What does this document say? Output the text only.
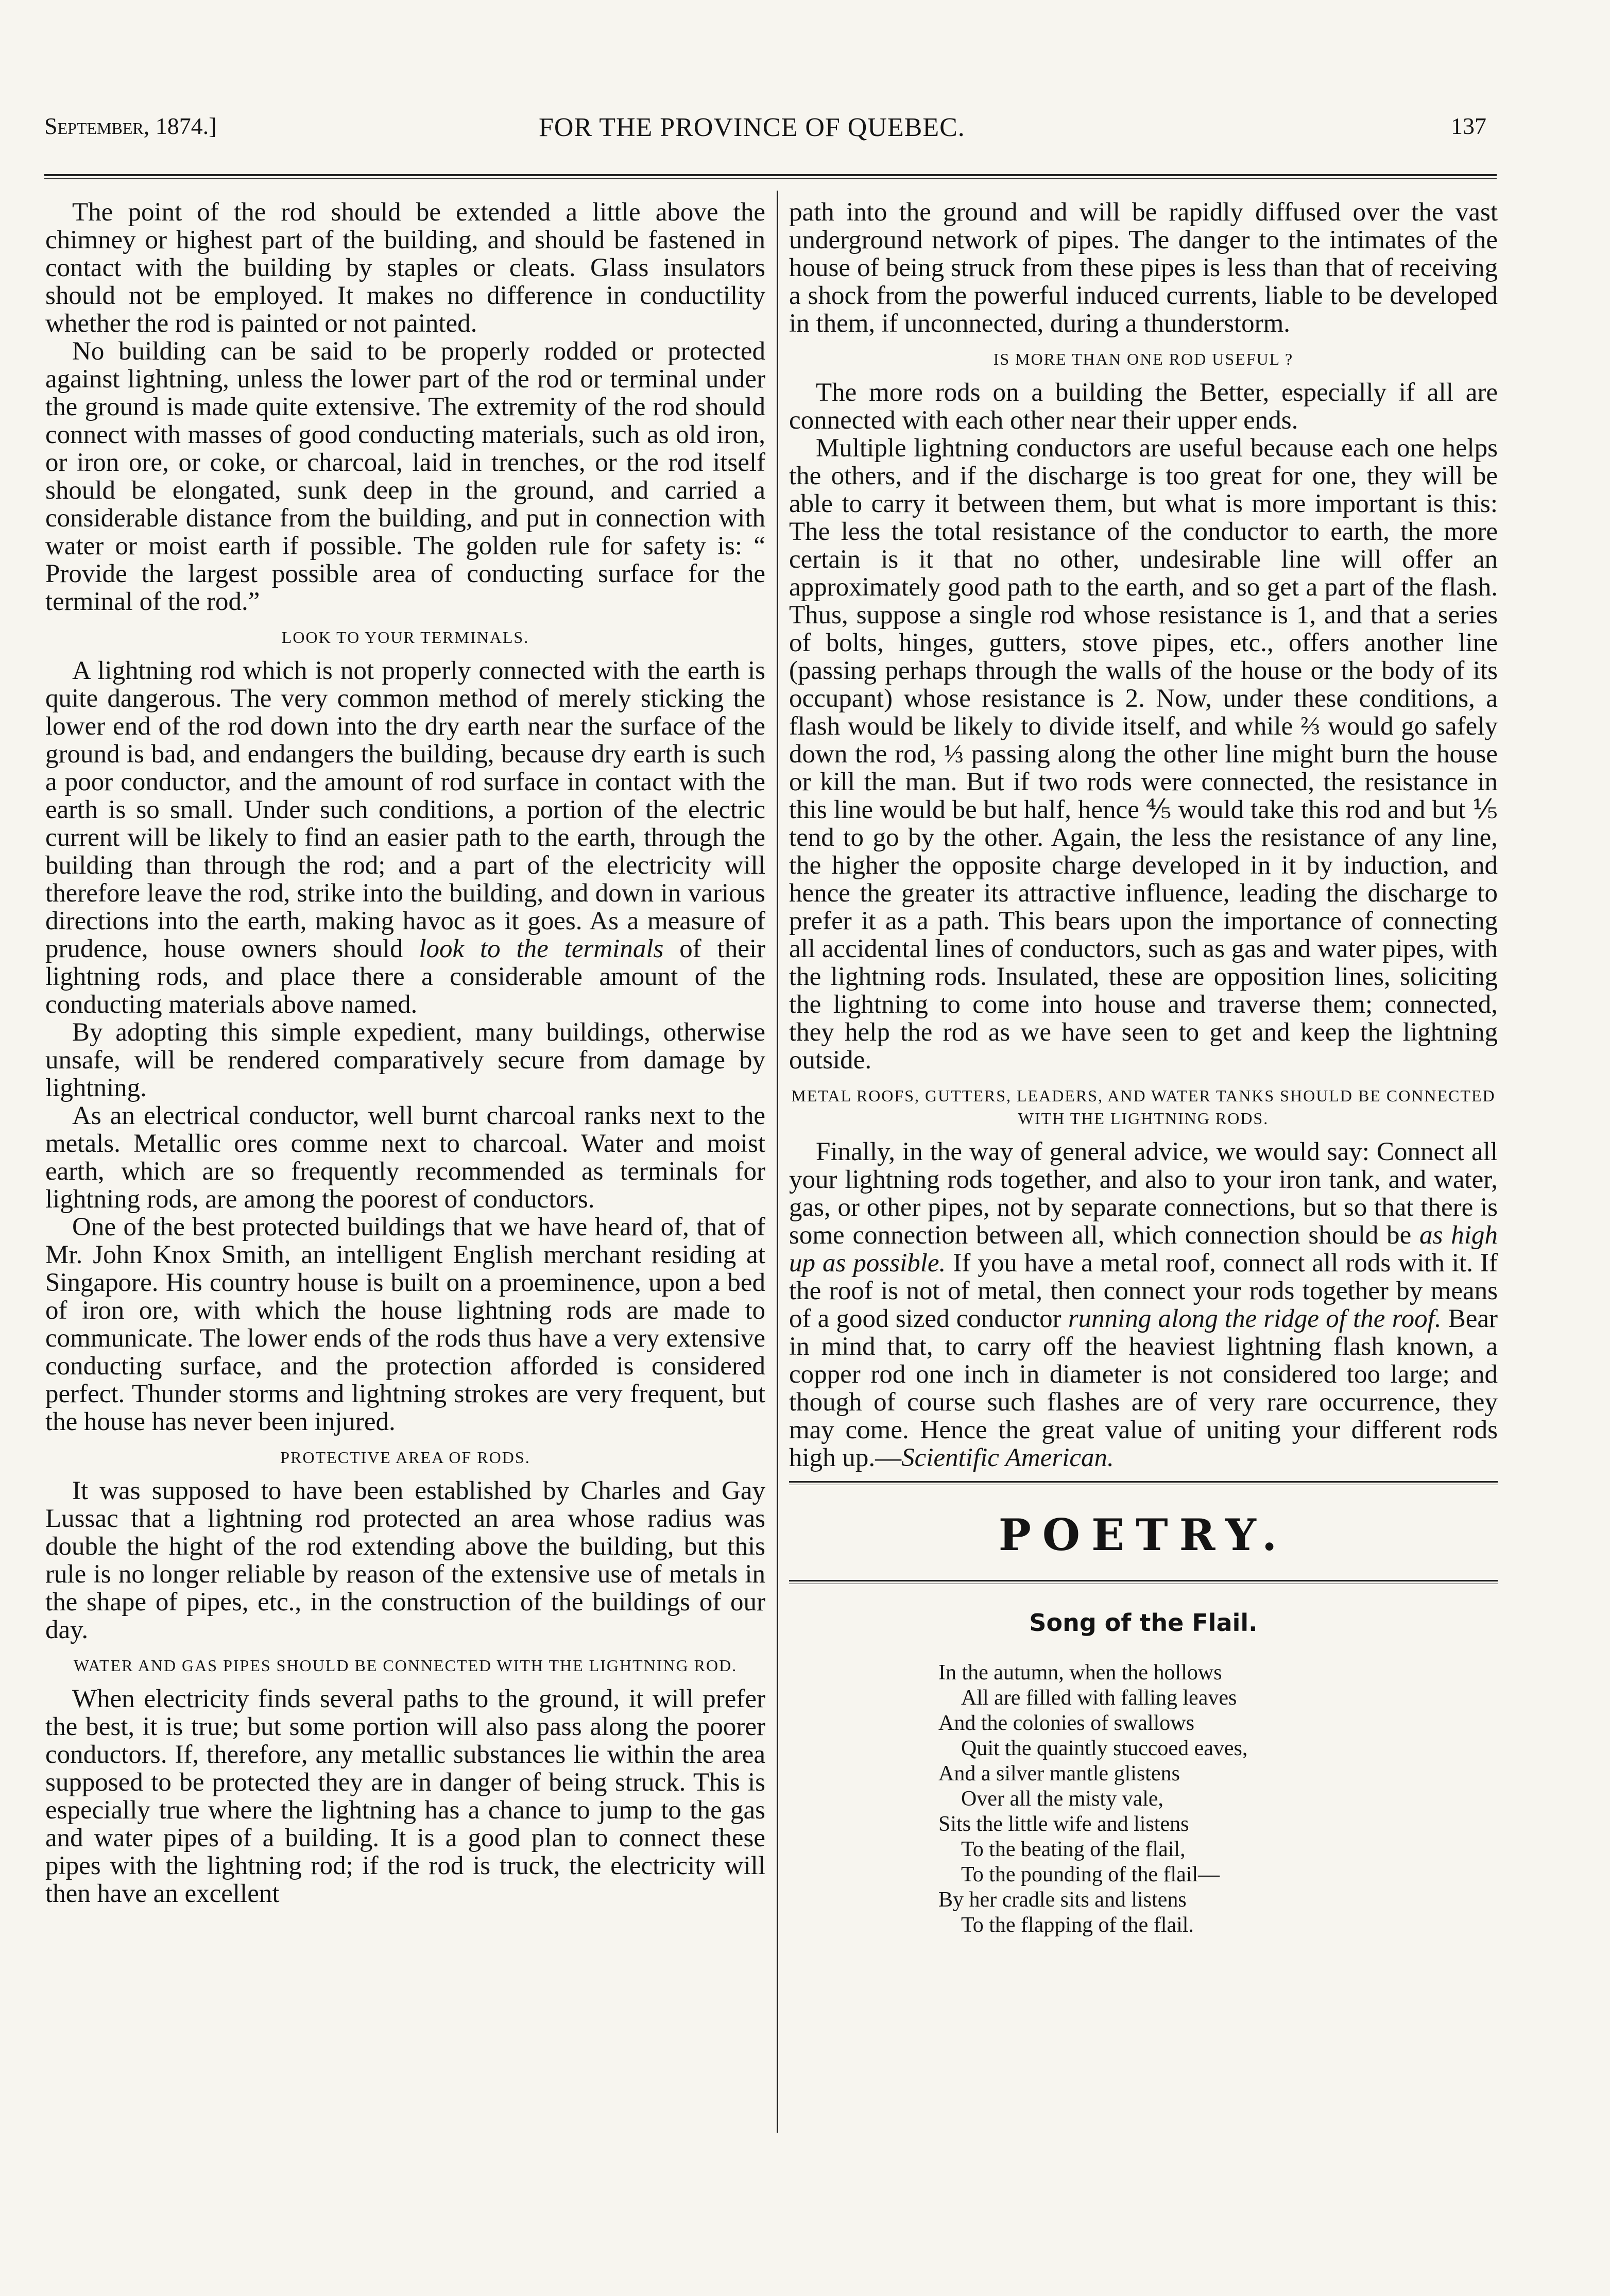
September, 1874.]	FOR THE PROVINCE OF QUEBEC.	137

The point of the rod should be extended a little above the chimney or highest part of the building, and should be fastened in contact with the building by staples or cleats. Glass insulators should not be employed. It makes no difference in conductility whether the rod is painted or not painted.

No building can be said to be properly rodded or protected against lightning, unless the lower part of the rod or terminal under the ground is made quite extensive. The extremity of the rod should connect with masses of good conducting materials, such as old iron, or iron ore, or coke, or charcoal, laid in trenches, or the rod itself should be elongated, sunk deep in the ground, and carried a considerable distance from the building, and put in connection with water or moist earth if possible. The golden rule for safety is: “ Provide the largest possible area of conducting surface for the terminal of the rod.”

LOOK TO YOUR TERMINALS.

A lightning rod which is not properly connected with the earth is quite dangerous. The very common method of merely sticking the lower end of the rod down into the dry earth near the surface of the ground is bad, and endangers the building, because dry earth is such a poor conductor, and the amount of rod surface in contact with the earth is so small. Under such conditions, a portion of the electric current will be likely to find an easier path to the earth, through the building than through the rod; and a part of the electricity will therefore leave the rod, strike into the building, and down in various directions into the earth, making havoc as it goes. As a measure of prudence, house owners should look to the terminals of their lightning rods, and place there a considerable amount of the conducting materials above named.

By adopting this simple expedient, many buildings, otherwise unsafe, will be rendered comparatively secure from damage by lightning.

As an electrical conductor, well burnt charcoal ranks next to the metals. Metallic ores comme next to charcoal. Water and moist earth, which are so frequently recommended as terminals for lightning rods, are among the poorest of conductors.

One of the best protected buildings that we have heard of, that of Mr. John Knox Smith, an intelligent English merchant residing at Singapore. His country house is built on a proeminence, upon a bed of iron ore, with which the house lightning rods are made to communicate. The lower ends of the rods thus have a very extensive conducting surface, and the protection afforded is considered perfect. Thunder storms and lightning strokes are very frequent, but the house has never been injured.

PROTECTIVE AREA OF RODS.

It was supposed to have been established by Charles and Gay Lussac that a lightning rod protected an area whose radius was double the hight of the rod extending above the building, but this rule is no longer reliable by reason of the extensive use of metals in the shape of pipes, etc., in the construction of the buildings of our day.

WATER AND GAS PIPES SHOULD BE CONNECTED WITH THE LIGHTNING ROD.

When electricity finds several paths to the ground, it will prefer the best, it is true; but some portion will also pass along the poorer conductors. If, therefore, any metallic substances lie within the area supposed to be protected they are in danger of being struck. This is especially true where the lightning has a chance to jump to the gas and water pipes of a building. It is a good plan to connect these pipes with the lightning rod; if the rod is truck, the electricity will then have an excellent

path into the ground and will be rapidly diffused over the vast underground network of pipes. The danger to the intimates of the house of being struck from these pipes is less than that of receiving a shock from the powerful induced currents, liable to be developed in them, if unconnected, during a thunderstorm.

IS MORE THAN ONE ROD USEFUL ?

The more rods on a building the Better, especially if all are connected with each other near their upper ends.

Multiple lightning conductors are useful because each one helps the others, and if the discharge is too great for one, they will be able to carry it between them, but what is more important is this: The less the total resistance of the conductor to earth, the more certain is it that no other, undesirable line will offer an approximately good path to the earth, and so get a part of the flash. Thus, suppose a single rod whose resistance is 1, and that a series of bolts, hinges, gutters, stove pipes, etc., offers another line (passing perhaps through the walls of the house or the body of its occupant) whose resistance is 2. Now, under these conditions, a flash would be likely to divide itself, and while ⅔ would go safely down the rod, ⅓ passing along the other line might burn the house or kill the man. But if two rods were connected, the resistance in this line would be but half, hence ⅘ would take this rod and but ⅕ tend to go by the other. Again, the less the resistance of any line, the higher the opposite charge developed in it by induction, and hence the greater its attractive influence, leading the discharge to prefer it as a path. This bears upon the importance of connecting all accidental lines of conductors, such as gas and water pipes, with the lightning rods. Insulated, these are opposition lines, soliciting the lightning to come into house and traverse them; connected, they help the rod as we have seen to get and keep the lightning outside.

METAL ROOFS, GUTTERS, LEADERS, AND WATER TANKS SHOULD BE CONNECTED WITH THE LIGHTNING RODS.

Finally, in the way of general advice, we would say: Connect all your lightning rods together, and also to your iron tank, and water, gas, or other pipes, not by separate connections, but so that there is some connection between all, which connection should be as high up as possible. If you have a metal roof, connect all rods with it. If the roof is not of metal, then connect your rods together by means of a good sized conductor running along the ridge of the roof. Bear in mind that, to carry off the heaviest lightning flash known, a copper rod one inch in diameter is not considered too large; and though of course such flashes are of very rare occurrence, they may come. Hence the great value of uniting your different rods high up.—Scientific American.

POETRY.
Song of the Flail.
In the autumn, when the hollows
All are filled with falling leaves
And the colonies of swallows
Quit the quaintly stuccoed eaves,
And a silver mantle glistens
Over all the misty vale,
Sits the little wife and listens
To the beating of the flail,
To the pounding of the flail—
By her cradle sits and listens
To the flapping of the flail.
